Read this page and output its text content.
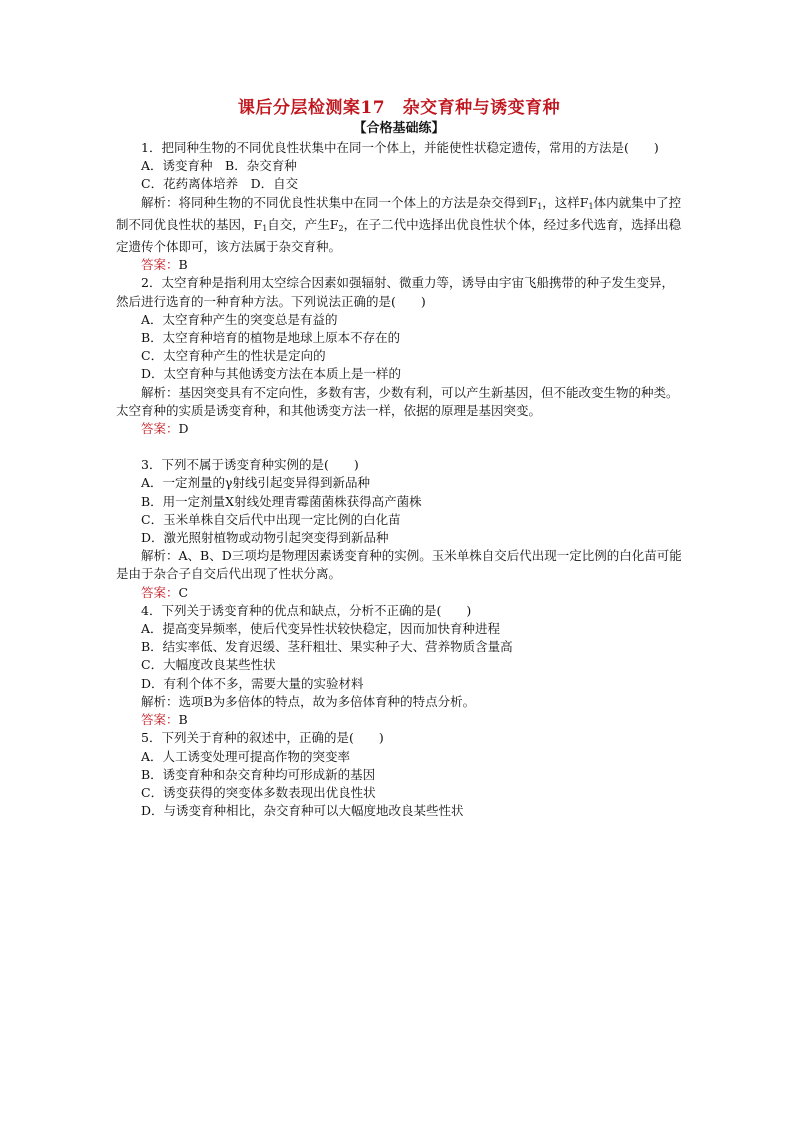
课后分层检测案17　杂交育种与诱变育种
【合格基础练】

1．把同种生物的不同优良性状集中在同一个体上，并能使性状稳定遗传，常用的方法是(　　)

A．诱变育种　B．杂交育种

C．花药离体培养　D．自交

解析：将同种生物的不同优良性状集中在同一个体上的方法是杂交得到$F_1$，这样$F_1$体内就集中了控制不同优良性状的基因，$F_1$自交，产生$F_2$，在子二代中选择出优良性状个体，经过多代选育，选择出稳定遗传个体即可，该方法属于杂交育种。

答案：B

2．太空育种是指利用太空综合因素如强辐射、微重力等，诱导由宇宙飞船携带的种子发生变异，然后进行选育的一种育种方法。下列说法正确的是(　　)

A．太空育种产生的突变总是有益的

B．太空育种培育的植物是地球上原本不存在的

C．太空育种产生的性状是定向的

D．太空育种与其他诱变方法在本质上是一样的

解析：基因突变具有不定向性，多数有害，少数有利，可以产生新基因，但不能改变生物的种类。太空育种的实质是诱变育种，和其他诱变方法一样，依据的原理是基因突变。

答案：D

3．下列不属于诱变育种实例的是(　　)

A．一定剂量的γ射线引起变异得到新品种

B．用一定剂量X射线处理青霉菌菌株获得高产菌株

C．玉米单株自交后代中出现一定比例的白化苗

D．激光照射植物或动物引起突变得到新品种

解析：A、B、D三项均是物理因素诱变育种的实例。玉米单株自交后代出现一定比例的白化苗可能是由于杂合子自交后代出现了性状分离。

答案：C

4．下列关于诱变育种的优点和缺点，分析不正确的是(　　)

A．提高变异频率，使后代变异性状较快稳定，因而加快育种进程

B．结实率低、发育迟缓、茎秆粗壮、果实种子大、营养物质含量高

C．大幅度改良某些性状

D．有利个体不多，需要大量的实验材料

解析：选项B为多倍体的特点，故为多倍体育种的特点分析。

答案：B

5．下列关于育种的叙述中，正确的是(　　)

A．人工诱变处理可提高作物的突变率

B．诱变育种和杂交育种均可形成新的基因

C．诱变获得的突变体多数表现出优良性状

D．与诱变育种相比，杂交育种可以大幅度地改良某些性状
